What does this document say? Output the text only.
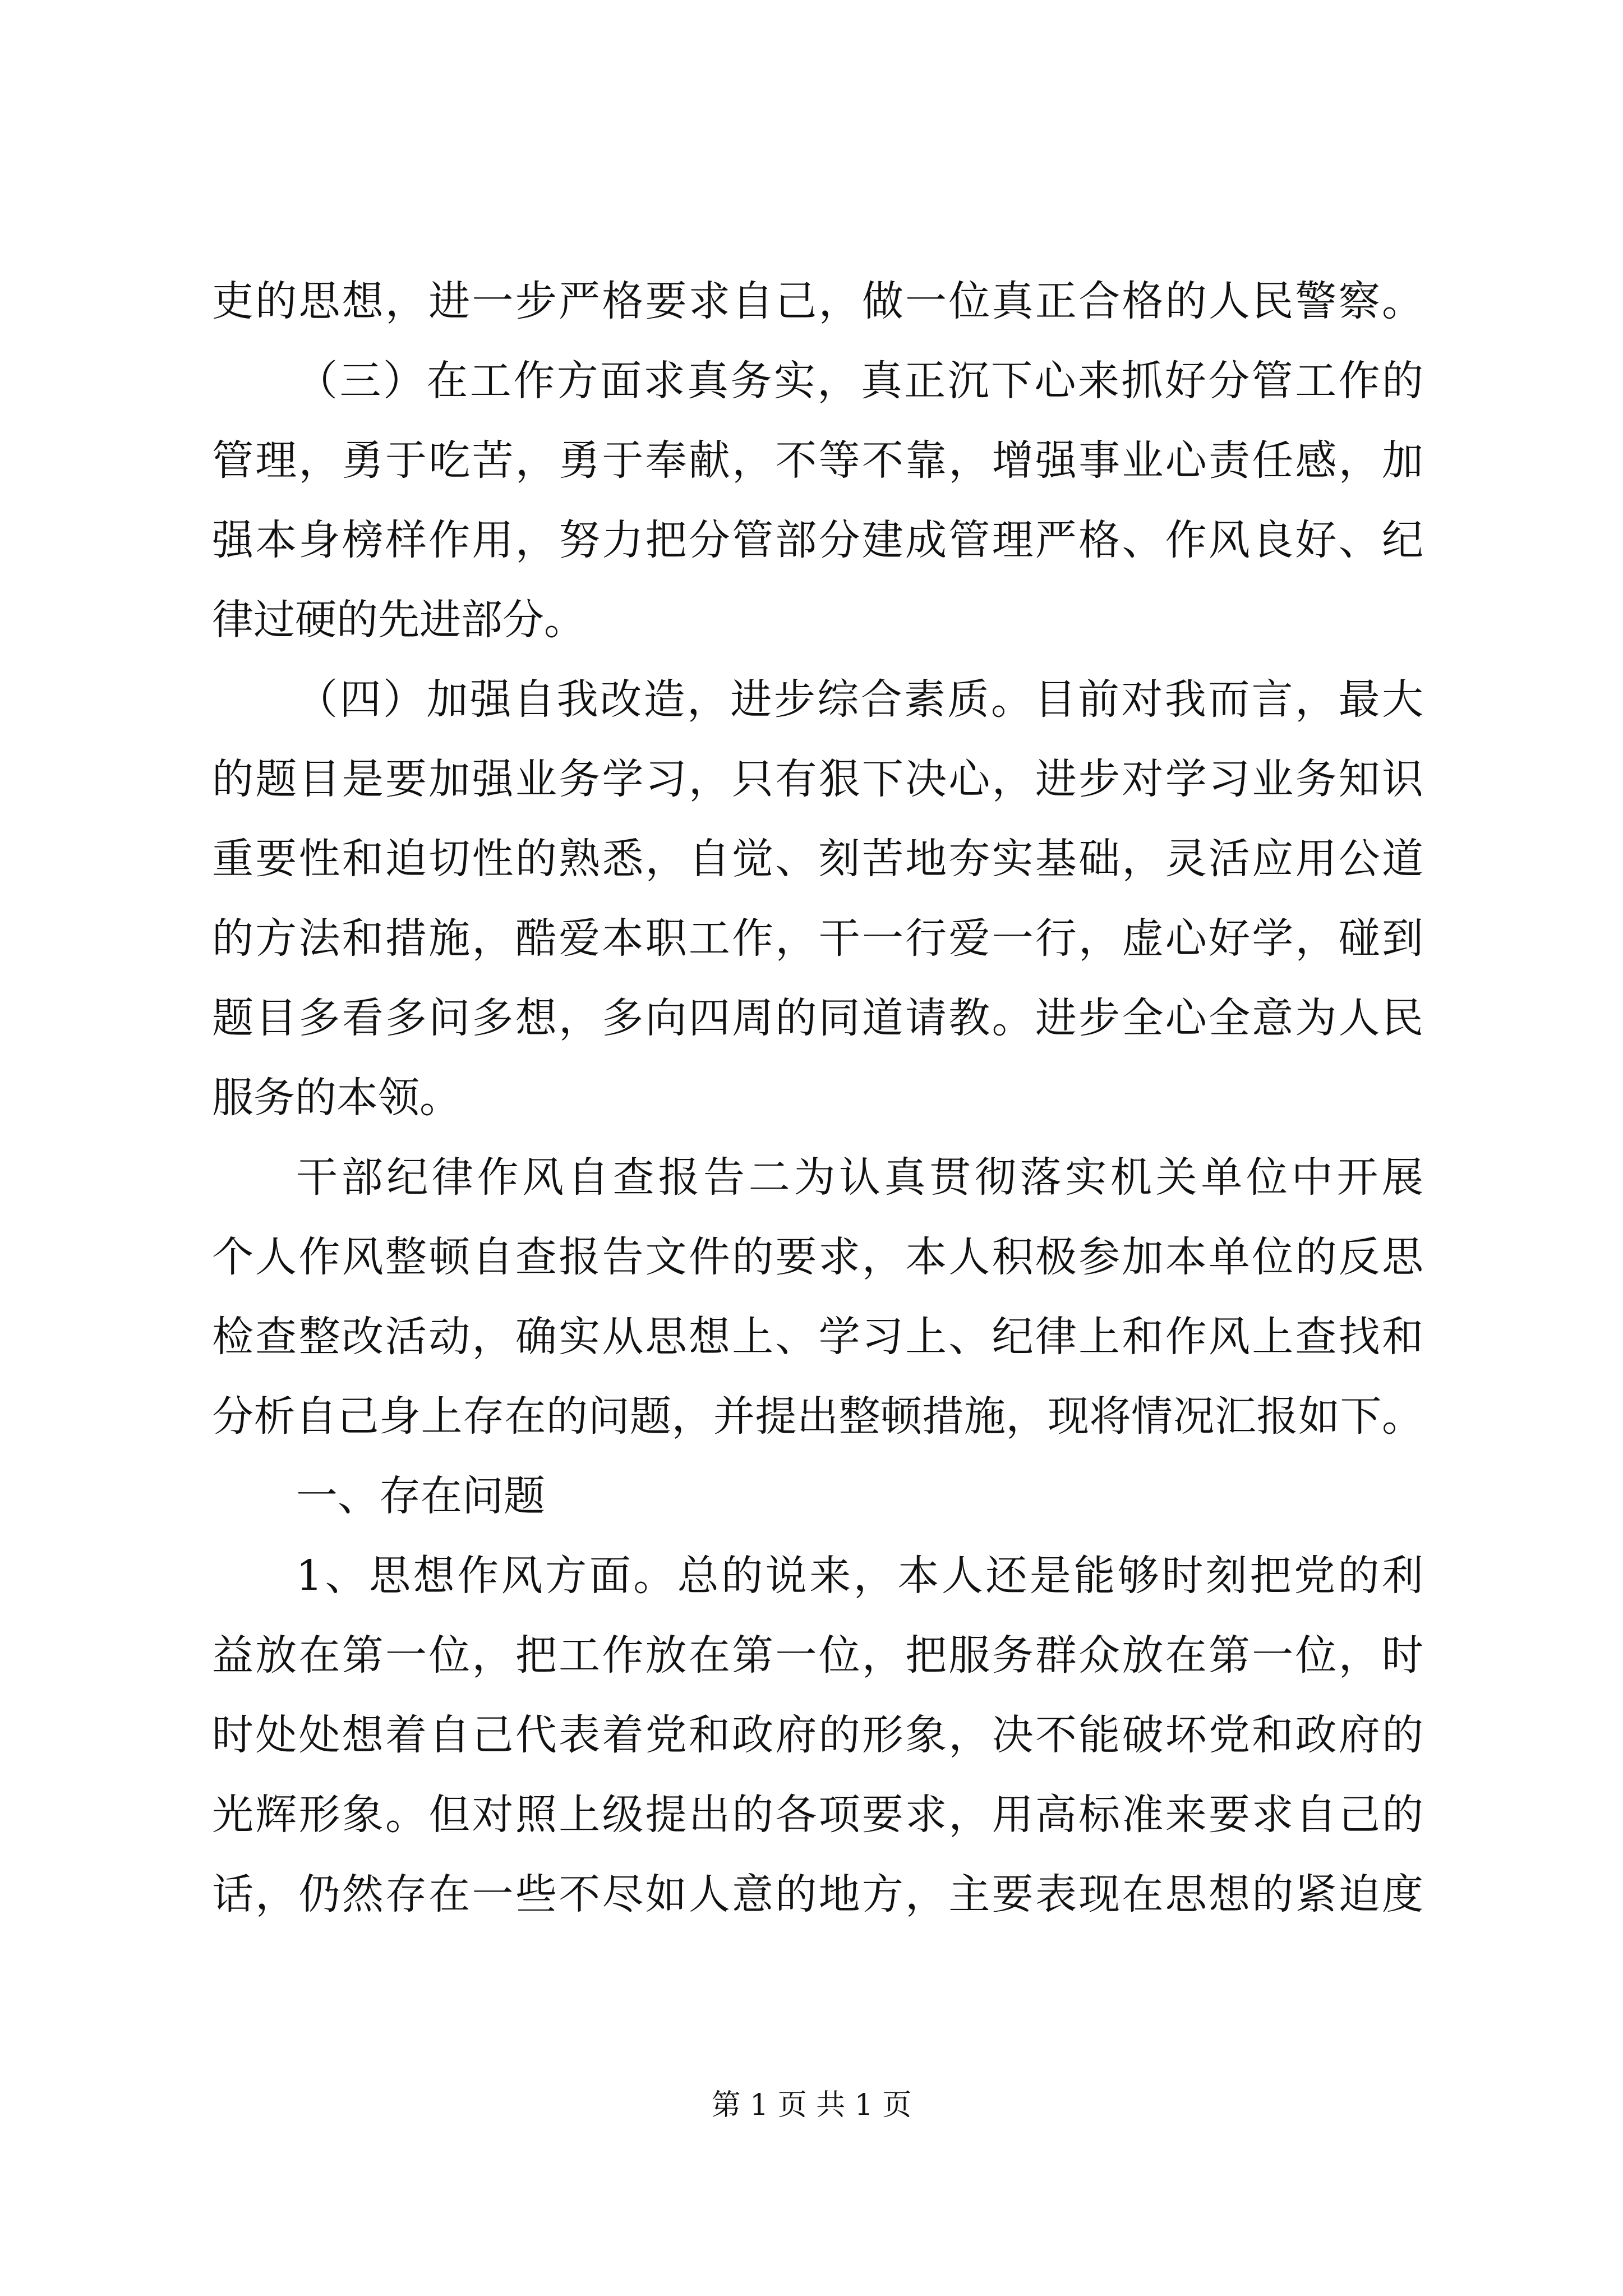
吏的思想，进一步严格要求自己，做一位真正合格的人民警察。
（三）在工作方面求真务实，真正沉下心来抓好分管工作的
管理，勇于吃苦，勇于奉献，不等不靠，增强事业心责任感，加
强本身榜样作用，努力把分管部分建成管理严格、作风良好、纪
律过硬的先进部分。
（四）加强自我改造，进步综合素质。目前对我而言，最大
的题目是要加强业务学习，只有狠下决心，进步对学习业务知识
重要性和迫切性的熟悉，自觉、刻苦地夯实基础，灵活应用公道
的方法和措施，酷爱本职工作，干一行爱一行，虚心好学，碰到
题目多看多问多想，多向四周的同道请教。进步全心全意为人民
服务的本领。
干部纪律作风自查报告二为认真贯彻落实机关单位中开展
个人作风整顿自查报告文件的要求，本人积极参加本单位的反思
检查整改活动，确实从思想上、学习上、纪律上和作风上查找和
分析自己身上存在的问题，并提出整顿措施，现将情况汇报如下。
一、存在问题
1、思想作风方面。总的说来，本人还是能够时刻把党的利
益放在第一位，把工作放在第一位，把服务群众放在第一位，时
时处处想着自己代表着党和政府的形象，决不能破坏党和政府的
光辉形象。但对照上级提出的各项要求，用高标准来要求自己的
话，仍然存在一些不尽如人意的地方，主要表现在思想的紧迫度
第 1 页 共 1 页
